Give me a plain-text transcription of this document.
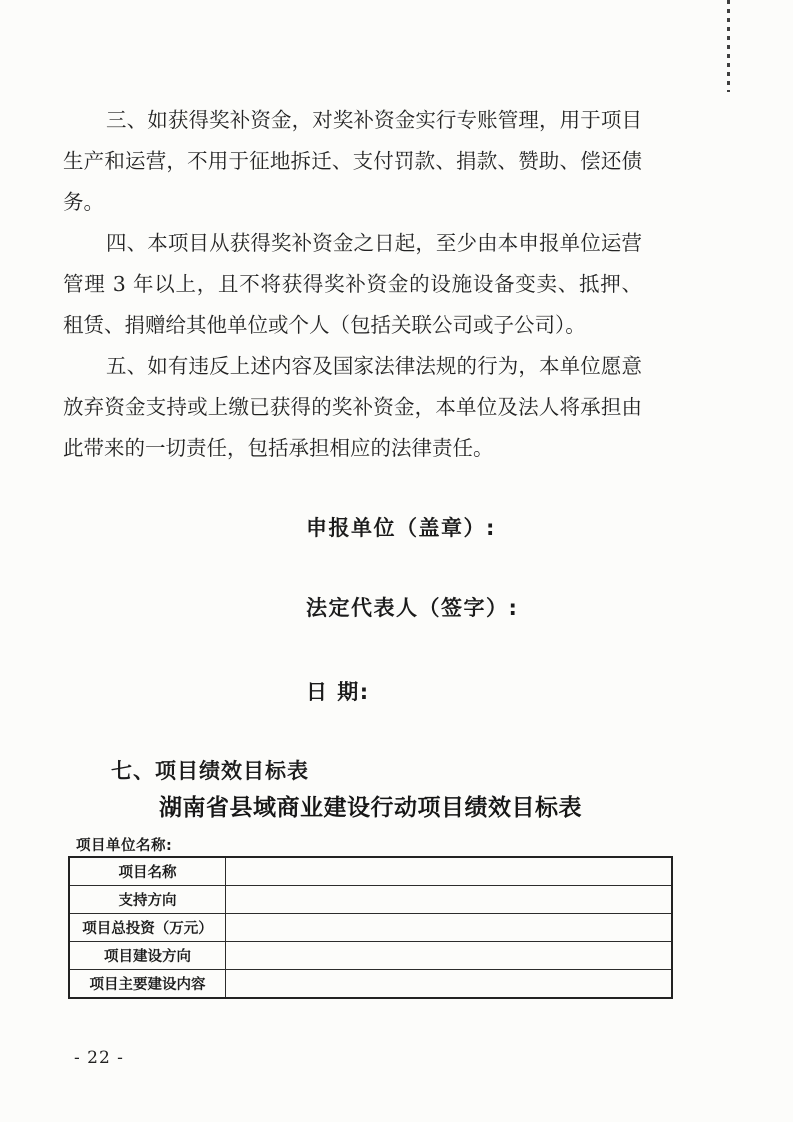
三、如获得奖补资金，对奖补资金实行专账管理，用于项目生产和运营，不用于征地拆迁、支付罚款、捐款、赞助、偿还债务。

四、本项目从获得奖补资金之日起，至少由本申报单位运营管理 3 年以上，且不将获得奖补资金的设施设备变卖、抵押、租赁、捐赠给其他单位或个人（包括关联公司或子公司）。

五、如有违反上述内容及国家法律法规的行为，本单位愿意放弃资金支持或上缴已获得的奖补资金，本单位及法人将承担由此带来的一切责任，包括承担相应的法律责任。

申报单位（盖章）:
法定代表人（签字）:
日 期:
七、项目绩效目标表
湖南省县域商业建设行动项目绩效目标表
项目单位名称:
项目名称	
支持方向	
项目总投资（万元）	
项目建设方向	
项目主要建设内容	
- 22 -
